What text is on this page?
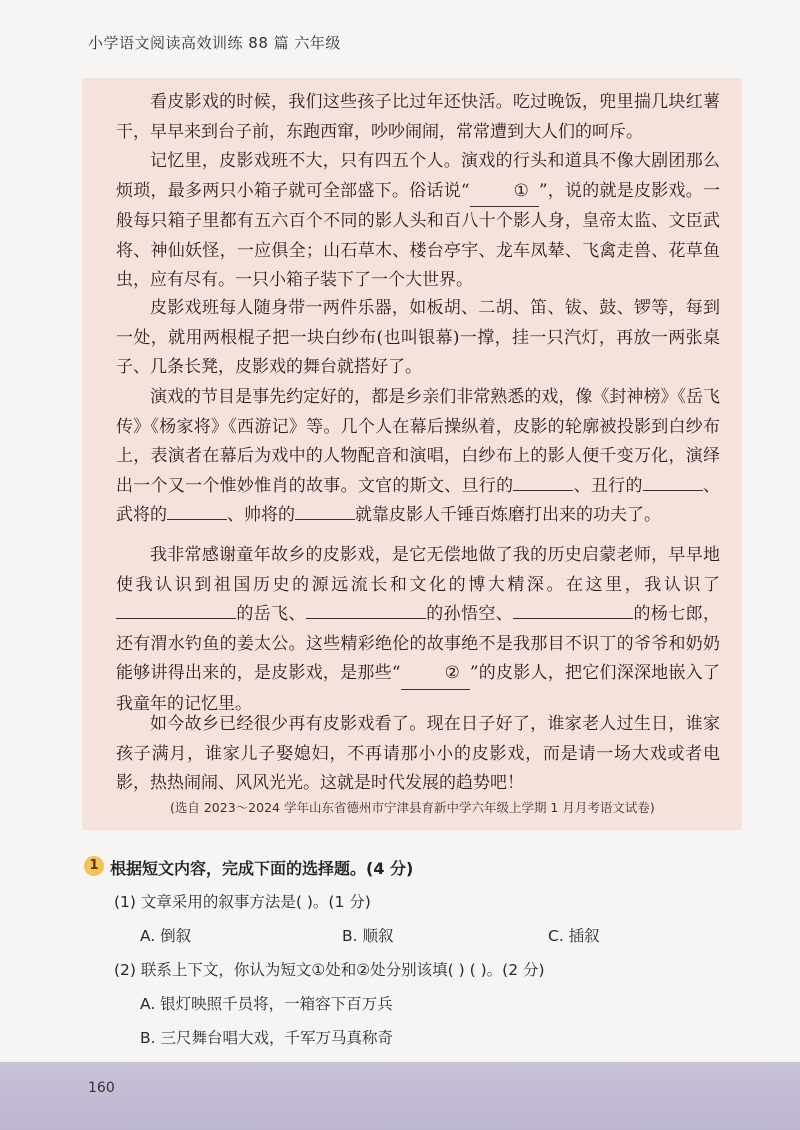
小学语文阅读高效训练 88 篇 六年级

看皮影戏的时候，我们这些孩子比过年还快活。吃过晚饭，兜里揣几块红薯干，早早来到台子前，东跑西窜，吵吵闹闹，常常遭到大人们的呵斥。

记忆里，皮影戏班不大，只有四五个人。演戏的行头和道具不像大剧团那么烦琐，最多两只小箱子就可全部盛下。俗话说“	① ”，说的就是皮影戏。一般每只箱子里都有五六百个不同的影人头和百八十个影人身，皇帝太监、文臣武将、神仙妖怪，一应俱全；山石草木、楼台亭宇、龙车凤辇、飞禽走兽、花草鱼虫，应有尽有。一只小箱子装下了一个大世界。

皮影戏班每人随身带一两件乐器，如板胡、二胡、笛、钹、鼓、锣等，每到一处，就用两根棍子把一块白纱布(也叫银幕)一撑，挂一只汽灯，再放一两张桌子、几条长凳，皮影戏的舞台就搭好了。

演戏的节目是事先约定好的，都是乡亲们非常熟悉的戏，像《封神榜》《岳飞传》《杨家将》《西游记》等。几个人在幕后操纵着，皮影的轮廓被投影到白纱布上，表演者在幕后为戏中的人物配音和演唱，白纱布上的影人便千变万化，演绎出一个又一个惟妙惟肖的故事。文官的斯文、旦行的	、丑行的	、武将的	、帅将的	就靠皮影人千锤百炼磨打出来的功夫了。

我非常感谢童年故乡的皮影戏，是它无偿地做了我的历史启蒙老师，早早地使我认识到祖国历史的源远流长和文化的博大精深。在这里，我认识了的岳飞、	的孙悟空、	的杨七郎，还有渭水钓鱼的姜太公。这些精彩绝伦的故事绝不是我那目不识丁的爷爷和奶奶能够讲得出来的，是皮影戏，是那些“	② ”的皮影人，把它们深深地嵌入了我童年的记忆里。

如今故乡已经很少再有皮影戏看了。现在日子好了，谁家老人过生日，谁家孩子满月，谁家儿子娶媳妇，不再请那小小的皮影戏，而是请一场大戏或者电影，热热闹闹、风风光光。这就是时代发展的趋势吧！

(选自 2023～2024 学年山东省德州市宁津县育新中学六年级上学期 1 月月考语文试卷)
1 根据短文内容，完成下面的选择题。(4 分)
(1) 文章采用的叙事方法是( )。(1 分)
A. 倒叙	B. 顺叙	C. 插叙
(2) 联系上下文，你认为短文①处和②处分别该填( ) ( )。(2 分)
A. 银灯映照千员将，一箱容下百万兵
B. 三尺舞台唱大戏，千军万马真称奇
160
